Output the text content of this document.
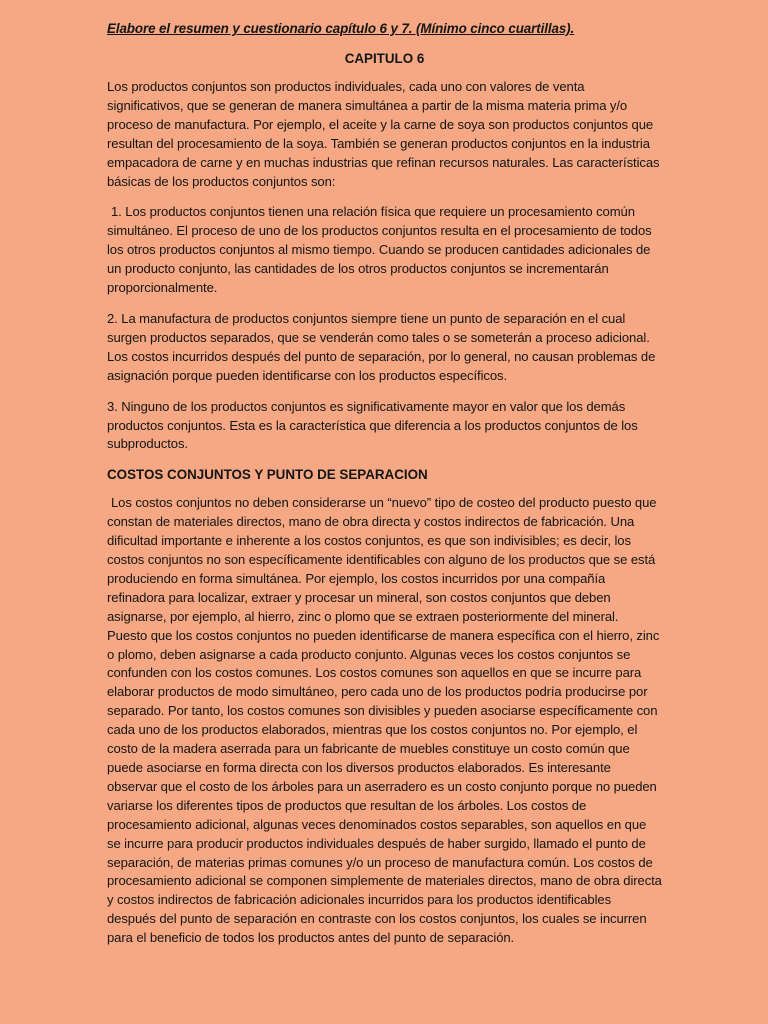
Elabore el resumen y cuestionario capítulo 6 y 7. (Mínimo cinco cuartillas).

CAPITULO 6

Los productos conjuntos son productos individuales, cada uno con valores de venta significativos, que se generan de manera simultánea a partir de la misma materia prima y/o proceso de manufactura. Por ejemplo, el aceite y la carne de soya son productos conjuntos que resultan del procesamiento de la soya. También se generan productos conjuntos en la industria empacadora de carne y en muchas industrias que refinan recursos naturales. Las características básicas de los productos conjuntos son:

1. Los productos conjuntos tienen una relación física que requiere un procesamiento común simultáneo. El proceso de uno de los productos conjuntos resulta en el procesamiento de todos los otros productos conjuntos al mismo tiempo. Cuando se producen cantidades adicionales de un producto conjunto, las cantidades de los otros productos conjuntos se incrementarán proporcionalmente.

2. La manufactura de productos conjuntos siempre tiene un punto de separación en el cual surgen productos separados, que se venderán como tales o se someterán a proceso adicional. Los costos incurridos después del punto de separación, por lo general, no causan problemas de asignación porque pueden identificarse con los productos específicos.

3. Ninguno de los productos conjuntos es significativamente mayor en valor que los demás productos conjuntos. Esta es la característica que diferencia a los productos conjuntos de los subproductos.

COSTOS CONJUNTOS Y PUNTO DE SEPARACION

Los costos conjuntos no deben considerarse un “nuevo” tipo de costeo del producto puesto que constan de materiales directos, mano de obra directa y costos indirectos de fabricación. Una dificultad importante e inherente a los costos conjuntos, es que son indivisibles; es decir, los costos conjuntos no son específicamente identificables con alguno de los productos que se está produciendo en forma simultánea. Por ejemplo, los costos incurridos por una compañía refinadora para localizar, extraer y procesar un mineral, son costos conjuntos que deben asignarse, por ejemplo, al hierro, zinc o plomo que se extraen posteriormente del mineral. Puesto que los costos conjuntos no pueden identificarse de manera específica con el hierro, zinc o plomo, deben asignarse a cada producto conjunto. Algunas veces los costos conjuntos se confunden con los costos comunes. Los costos comunes son aquellos en que se incurre para elaborar productos de modo simultáneo, pero cada uno de los productos podría producirse por separado. Por tanto, los costos comunes son divisibles y pueden asociarse específicamente con cada uno de los productos elaborados, mientras que los costos conjuntos no. Por ejemplo, el costo de la madera aserrada para un fabricante de muebles constituye un costo común que puede asociarse en forma directa con los diversos productos elaborados. Es interesante observar que el costo de los árboles para un aserradero es un costo conjunto porque no pueden variarse los diferentes tipos de productos que resultan de los árboles. Los costos de procesamiento adicional, algunas veces denominados costos separables, son aquellos en que se incurre para producir productos individuales después de haber surgido, llamado el punto de separación, de materias primas comunes y/o un proceso de manufactura común. Los costos de procesamiento adicional se componen simplemente de materiales directos, mano de obra directa y costos indirectos de fabricación adicionales incurridos para los productos identificables después del punto de separación en contraste con los costos conjuntos, los cuales se incurren para el beneficio de todos los productos antes del punto de separación.
